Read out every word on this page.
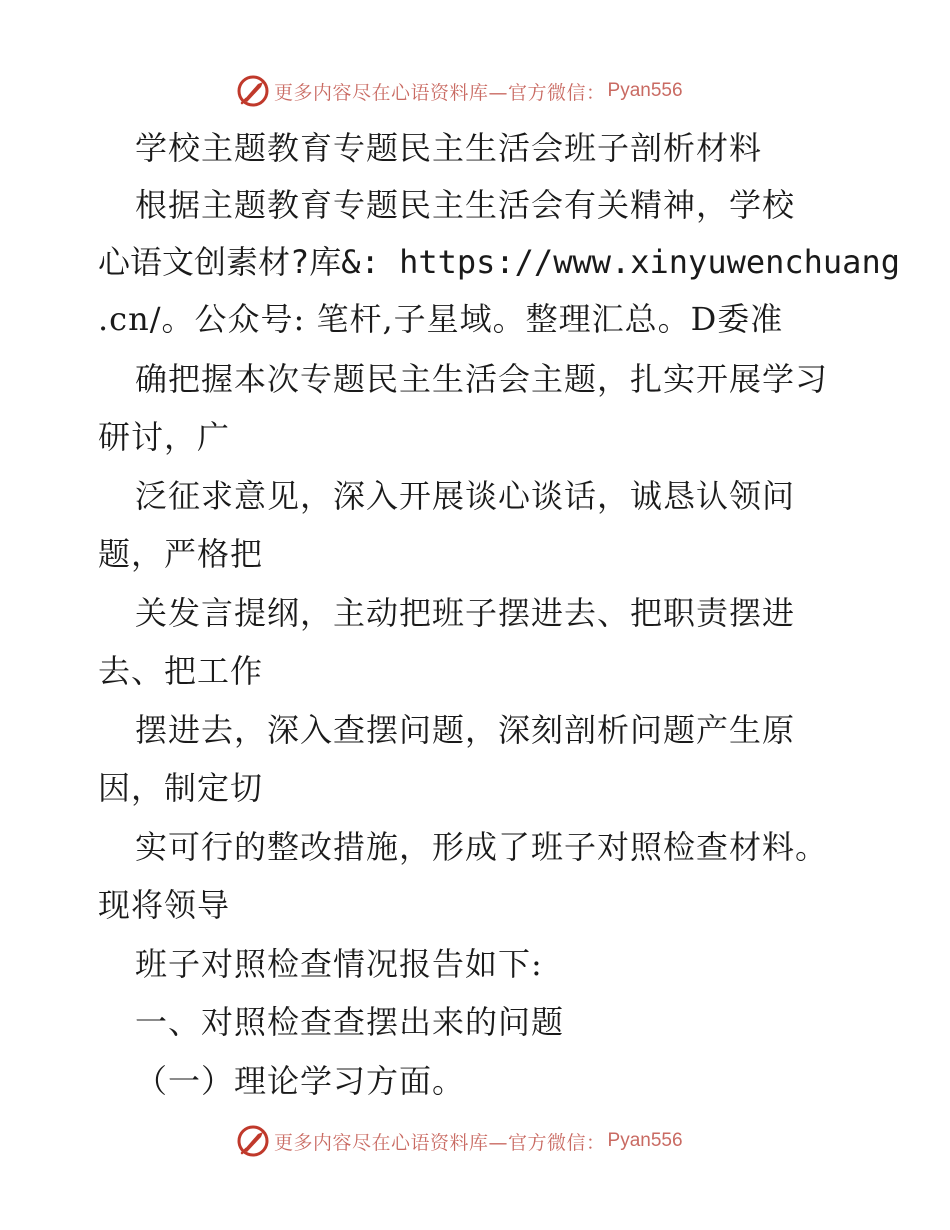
更多内容尽在心语资料库—官方微信： Pyan556
学校主题教育专题民主生活会班子剖析材料
根据主题教育专题民主生活会有关精神，学校
心语文创素材?库&: https://www.xinyuwenchuang
.cn/。公众号: 笔杆,子星域。整理汇总。D委准
确把握本次专题民主生活会主题，扎实开展学习
研讨，广
泛征求意见，深入开展谈心谈话，诚恳认领问
题，严格把
关发言提纲，主动把班子摆进去、把职责摆进
去、把工作
摆进去，深入查摆问题，深刻剖析问题产生原
因，制定切
实可行的整改措施，形成了班子对照检查材料。
现将领导
班子对照检查情况报告如下:
一、对照检查查摆出来的问题
（一）理论学习方面。
更多内容尽在心语资料库—官方微信： Pyan556
